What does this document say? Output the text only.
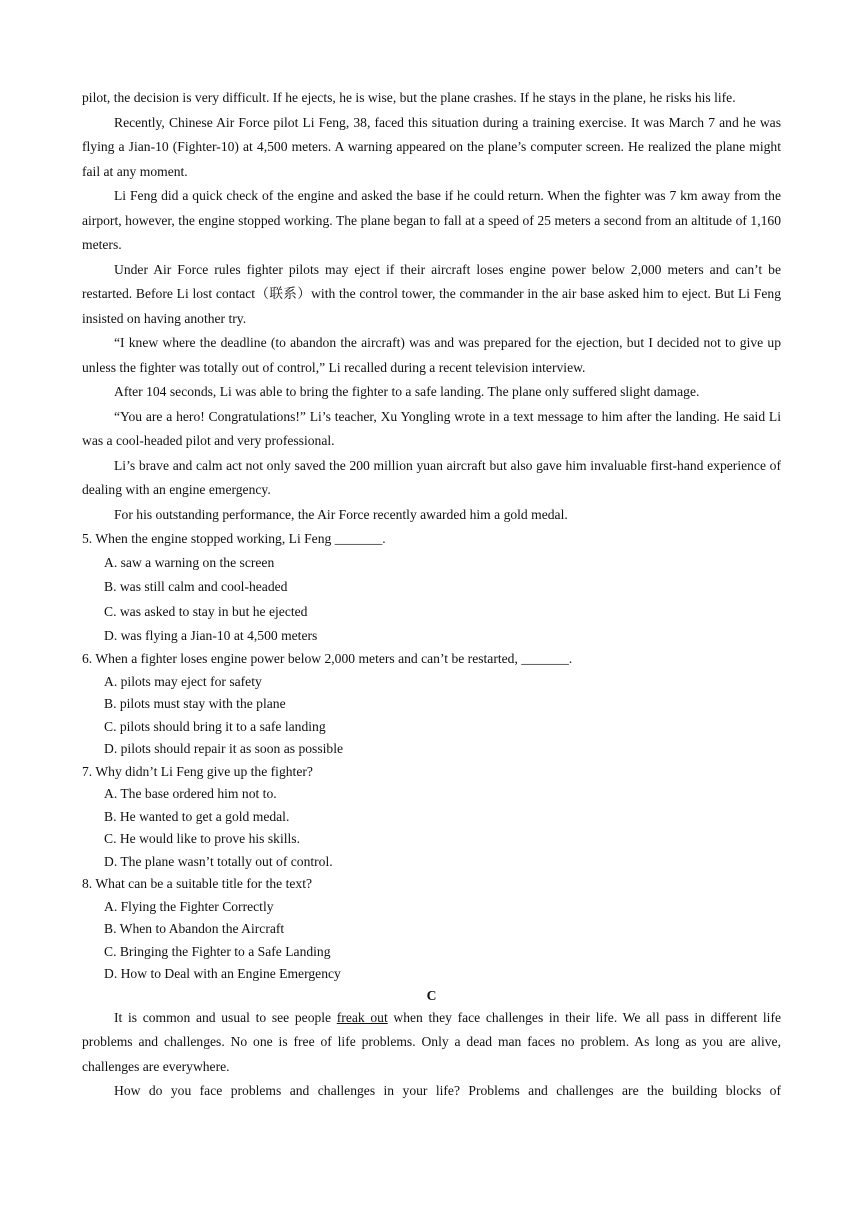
pilot, the decision is very difficult. If he ejects, he is wise, but the plane crashes. If he stays in the plane, he risks his life.

Recently, Chinese Air Force pilot Li Feng, 38, faced this situation during a training exercise. It was March 7 and he was flying a Jian-10 (Fighter-10) at 4,500 meters. A warning appeared on the plane’s computer screen. He realized the plane might fail at any moment.

Li Feng did a quick check of the engine and asked the base if he could return. When the fighter was 7 km away from the airport, however, the engine stopped working. The plane began to fall at a speed of 25 meters a second from an altitude of 1,160 meters.

Under Air Force rules fighter pilots may eject if their aircraft loses engine power below 2,000 meters and can’t be restarted. Before Li lost contact（联系）with the control tower, the commander in the air base asked him to eject. But Li Feng insisted on having another try.

“I knew where the deadline (to abandon the aircraft) was and was prepared for the ejection, but I decided not to give up unless the fighter was totally out of control,” Li recalled during a recent television interview.

After 104 seconds, Li was able to bring the fighter to a safe landing. The plane only suffered slight damage.

“You are a hero! Congratulations!” Li’s teacher, Xu Yongling wrote in a text message to him after the landing. He said Li was a cool-headed pilot and very professional.

Li’s brave and calm act not only saved the 200 million yuan aircraft but also gave him invaluable first-hand experience of dealing with an engine emergency.

For his outstanding performance, the Air Force recently awarded him a gold medal.

5. When the engine stopped working, Li Feng _______.

A. saw a warning on the screen
B. was still calm and cool-headed
C. was asked to stay in but he ejected
D. was flying a Jian-10 at 4,500 meters

6. When a fighter loses engine power below 2,000 meters and can’t be restarted, _______.

A. pilots may eject for safety
B. pilots must stay with the plane
C. pilots should bring it to a safe landing
D. pilots should repair it as soon as possible

7. Why didn’t Li Feng give up the fighter?

A. The base ordered him not to.
B. He wanted to get a gold medal.
C. He would like to prove his skills.
D. The plane wasn’t totally out of control.

8. What can be a suitable title for the text?

A. Flying the Fighter Correctly
B. When to Abandon the Aircraft
C. Bringing the Fighter to a Safe Landing
D. How to Deal with an Engine Emergency

C

It is common and usual to see people freak out when they face challenges in their life. We all pass in different life problems and challenges. No one is free of life problems. Only a dead man faces no problem. As long as you are alive, challenges are everywhere.

How do you face problems and challenges in your life? Problems and challenges are the building blocks of
